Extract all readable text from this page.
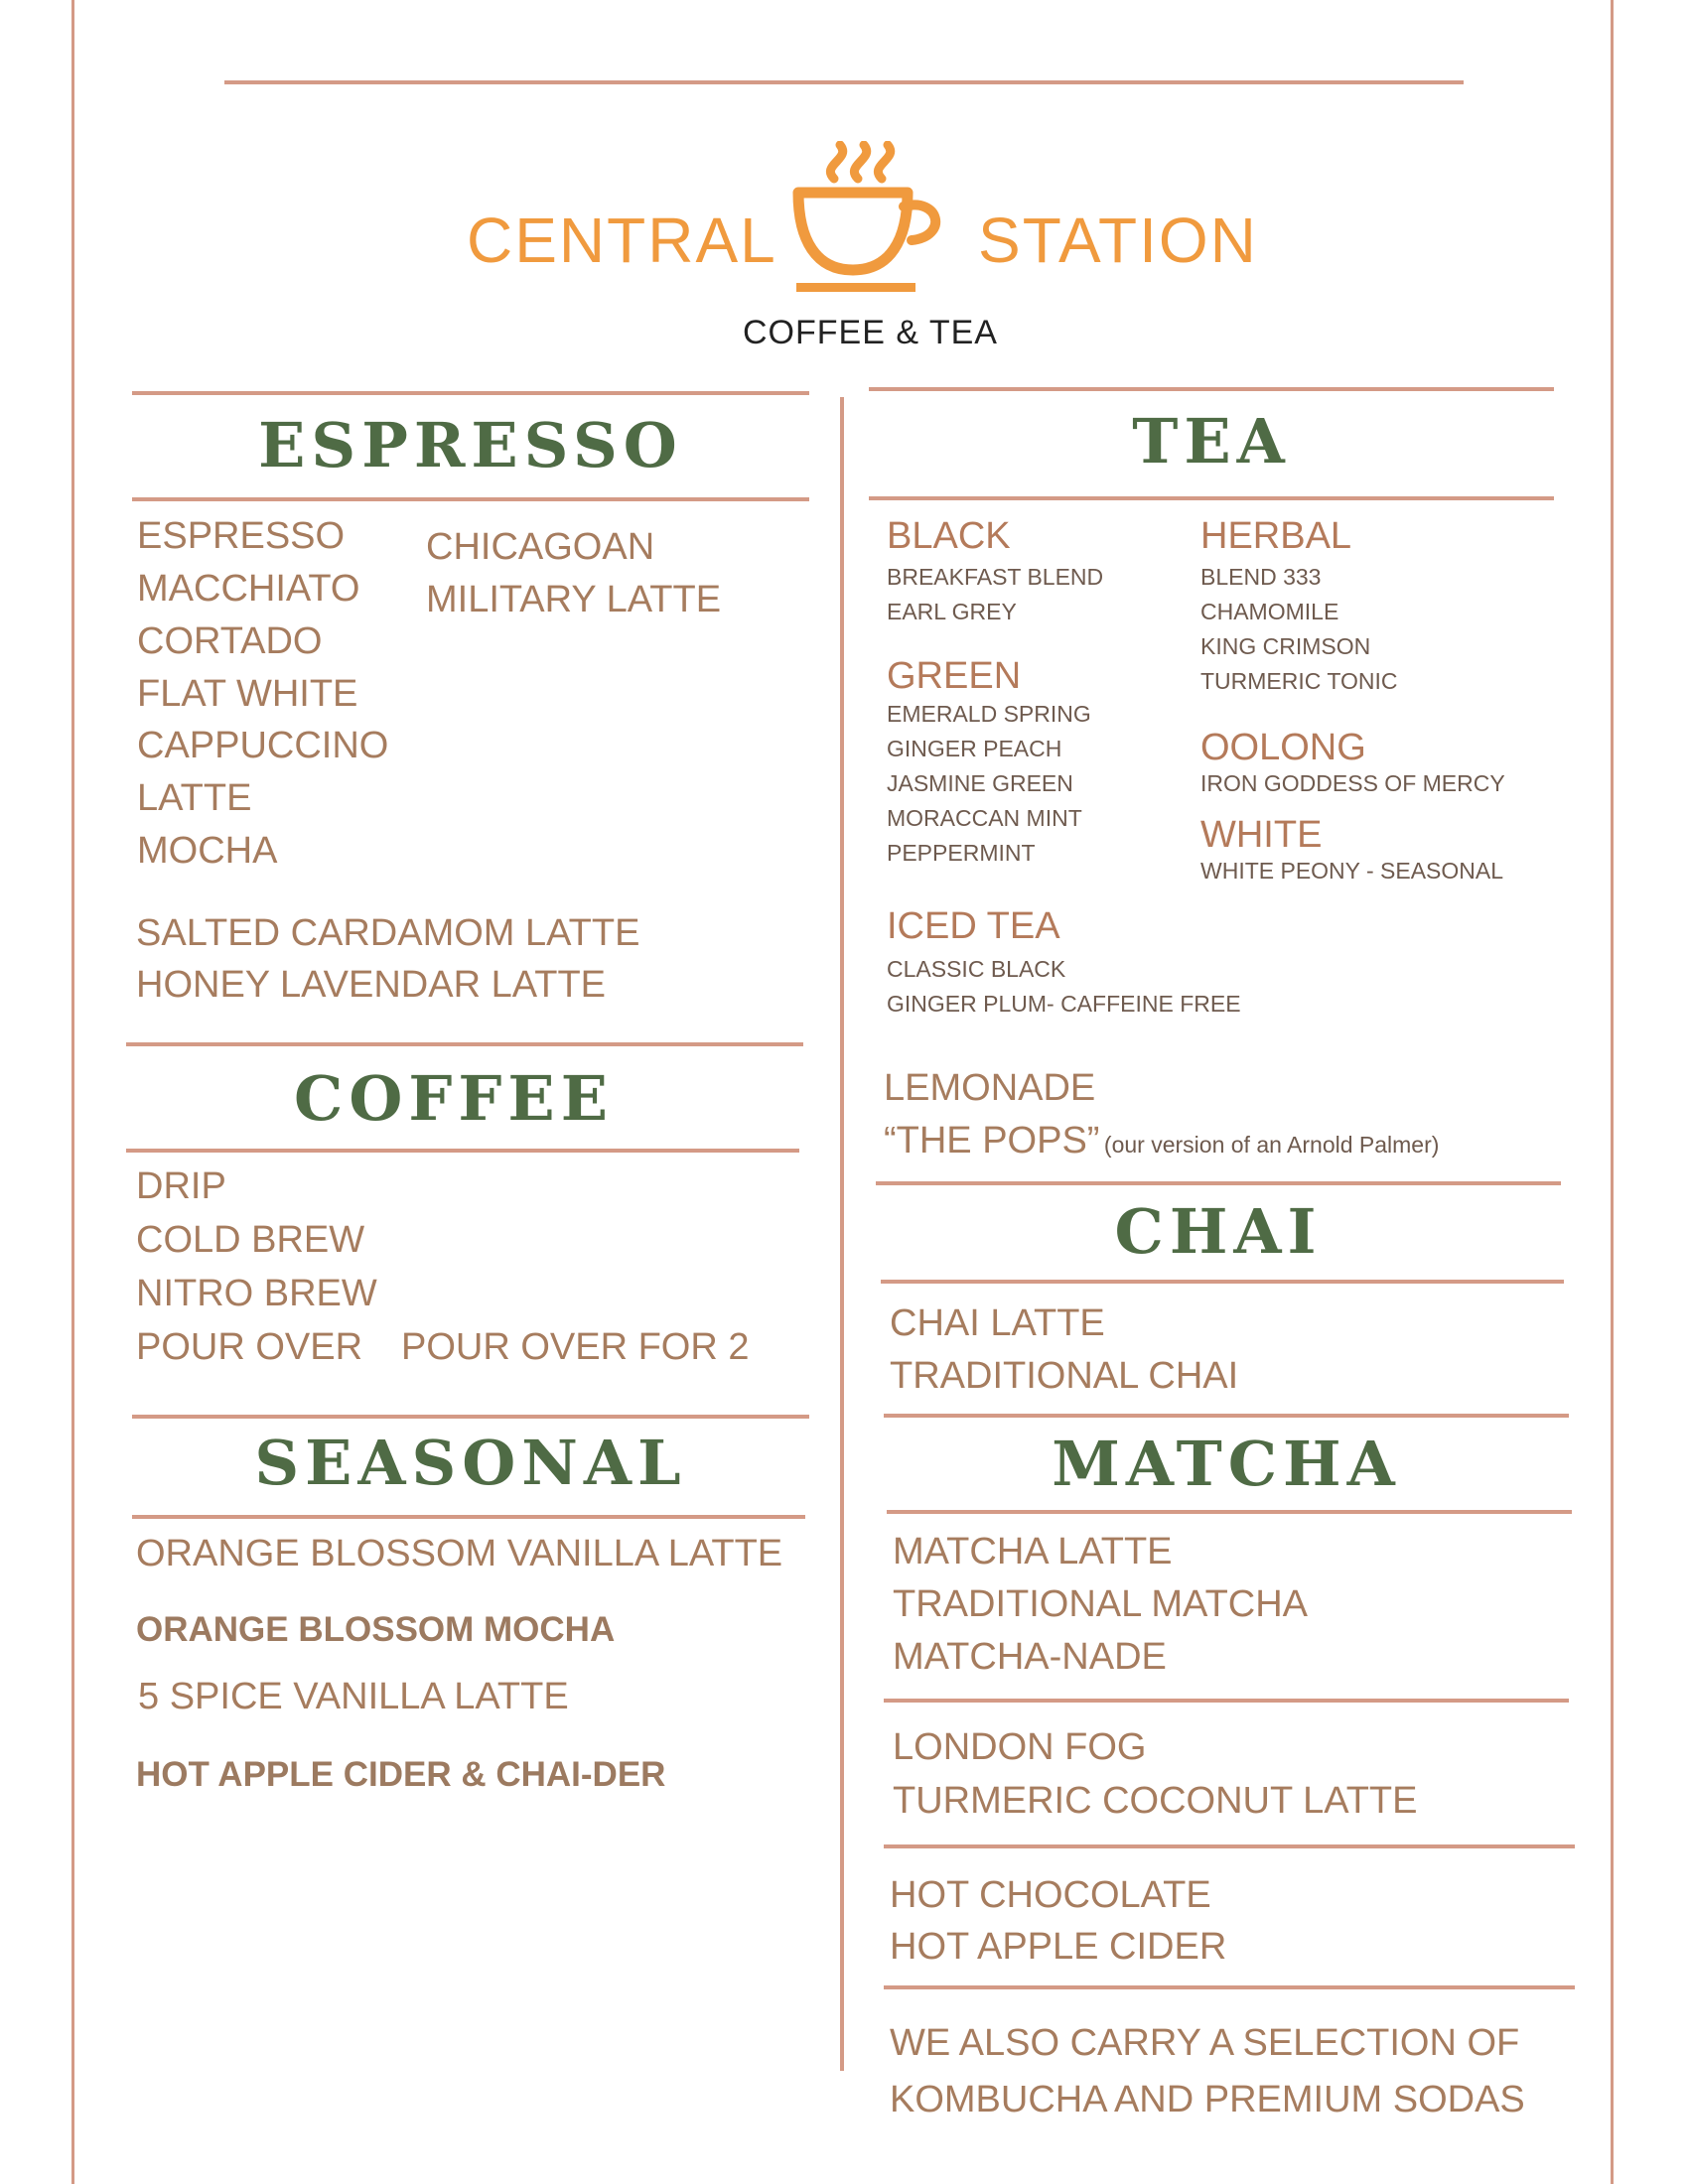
CENTRAL	STATION
COFFEE & TEA
ESPRESSO
ESPRESSO
MACCHIATO
CORTADO
FLAT WHITE
CAPPUCCINO
LATTE
MOCHA
CHICAGOAN
MILITARY LATTE
SALTED CARDAMOM LATTE
HONEY LAVENDAR LATTE
COFFEE
DRIP
COLD BREW
NITRO BREW
POUR OVER POUR OVER FOR 2
SEASONAL
ORANGE BLOSSOM VANILLA LATTE
ORANGE BLOSSOM MOCHA
5 SPICE VANILLA LATTE
HOT APPLE CIDER & CHAI-DER
TEA
BLACK
BREAKFAST BLEND
EARL GREY
GREEN
EMERALD SPRING
GINGER PEACH
JASMINE GREEN
MORACCAN MINT
PEPPERMINT
HERBAL
BLEND 333
CHAMOMILE
KING CRIMSON
TURMERIC TONIC
OOLONG
IRON GODDESS OF MERCY
WHITE
WHITE PEONY - SEASONAL
ICED TEA
CLASSIC BLACK
GINGER PLUM- CAFFEINE FREE
LEMONADE
“THE POPS” (our version of an Arnold Palmer)
CHAI
CHAI LATTE
TRADITIONAL CHAI
MATCHA
MATCHA LATTE
TRADITIONAL MATCHA
MATCHA-NADE
LONDON FOG
TURMERIC COCONUT LATTE
HOT CHOCOLATE
HOT APPLE CIDER
WE ALSO CARRY A SELECTION OF
KOMBUCHA AND PREMIUM SODAS
